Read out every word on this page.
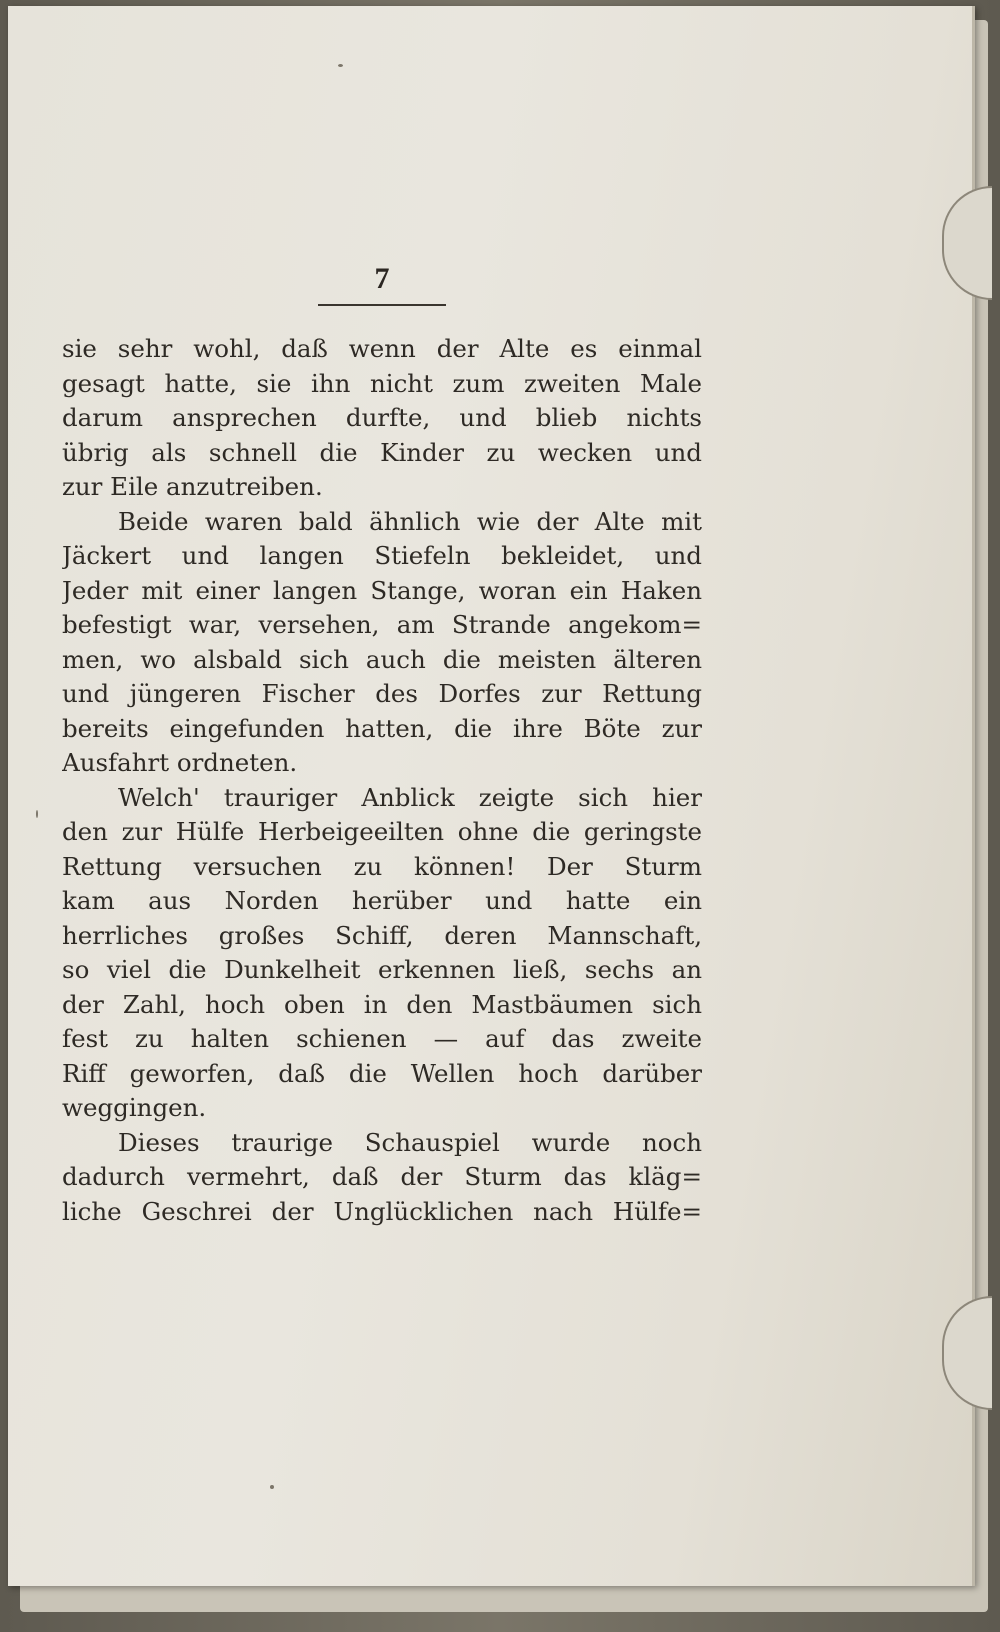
7
sie sehr wohl, daß wenn der Alte es einmal
gesagt hatte, sie ihn nicht zum zweiten Male
darum ansprechen durfte, und blieb nichts
übrig als schnell die Kinder zu wecken und
zur Eile anzutreiben.
Beide waren bald ähnlich wie der Alte mit
Jäckert und langen Stiefeln bekleidet, und
Jeder mit einer langen Stange, woran ein Haken
befestigt war, versehen, am Strande angekom=
men, wo alsbald sich auch die meisten älteren
und jüngeren Fischer des Dorfes zur Rettung
bereits eingefunden hatten, die ihre Böte zur
Ausfahrt ordneten.
Welch' trauriger Anblick zeigte sich hier
den zur Hülfe Herbeigeeilten ohne die geringste
Rettung versuchen zu können! Der Sturm
kam aus Norden herüber und hatte ein
herrliches großes Schiff, deren Mannschaft,
so viel die Dunkelheit erkennen ließ, sechs an
der Zahl, hoch oben in den Mastbäumen sich
fest zu halten schienen — auf das zweite
Riff geworfen, daß die Wellen hoch darüber
weggingen.
Dieses traurige Schauspiel wurde noch
dadurch vermehrt, daß der Sturm das kläg=
liche Geschrei der Unglücklichen nach Hülfe=
